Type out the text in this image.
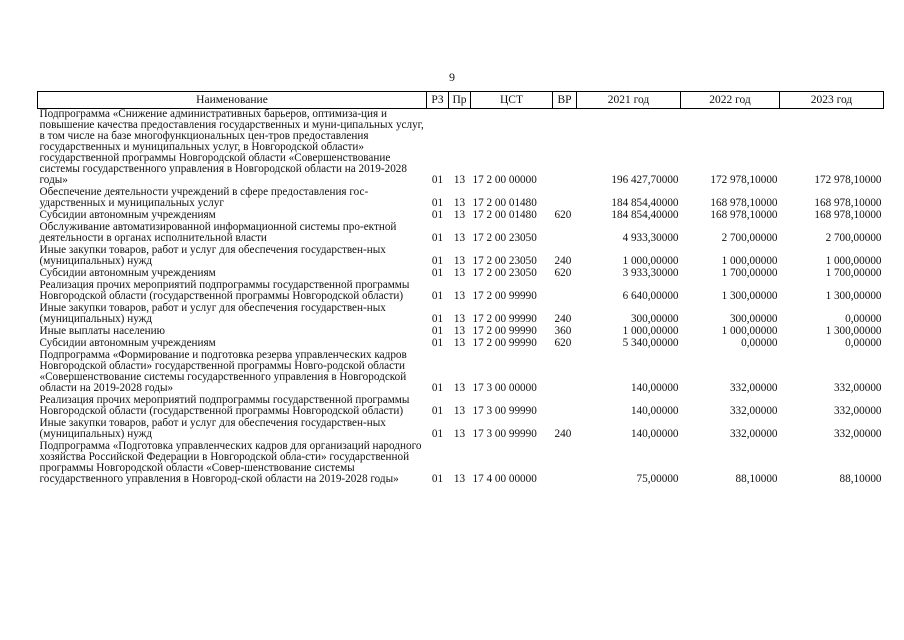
9
Наименование	РЗ	Пр	ЦСТ	ВР	2021 год	2022 год	2023 год
Подпрограмма «Снижение административных барьеров, оптимиза-ция и повышение качества предоставления государственных и муни-ципальных услуг, в том числе на базе многофункциональных цен-тров предоставления государственных и муниципальных услуг, в Новгородской области» государственной программы Новгородской области «Совершенствование системы государственного управления в Новгородской области на 2019-2028 годы»	01	13	17 2 00 00000		196 427,70000	172 978,10000	172 978,10000
Обеспечение деятельности учреждений в сфере предоставления гос-ударственных и муниципальных услуг	01	13	17 2 00 01480		184 854,40000	168 978,10000	168 978,10000
Субсидии автономным учреждениям	01	13	17 2 00 01480	620	184 854,40000	168 978,10000	168 978,10000
Обслуживание автоматизированной информационной системы про-ектной деятельности в органах исполнительной власти	01	13	17 2 00 23050		4 933,30000	2 700,00000	2 700,00000
Иные закупки товаров, работ и услуг для обеспечения государствен-ных (муниципальных) нужд	01	13	17 2 00 23050	240	1 000,00000	1 000,00000	1 000,00000
Субсидии автономным учреждениям	01	13	17 2 00 23050	620	3 933,30000	1 700,00000	1 700,00000
Реализация прочих мероприятий подпрограммы государственной программы Новгородской области (государственной программы Новгородской области)	01	13	17 2 00 99990		6 640,00000	1 300,00000	1 300,00000
Иные закупки товаров, работ и услуг для обеспечения государствен-ных (муниципальных) нужд	01	13	17 2 00 99990	240	300,00000	300,00000	0,00000
Иные выплаты населению	01	13	17 2 00 99990	360	1 000,00000	1 000,00000	1 300,00000
Субсидии автономным учреждениям	01	13	17 2 00 99990	620	5 340,00000	0,00000	0,00000
Подпрограмма «Формирование и подготовка резерва управленческих кадров Новгородской области» государственной программы Новго-родской области «Совершенствование системы государственного управления в Новгородской области на 2019-2028 годы»	01	13	17 3 00 00000		140,00000	332,00000	332,00000
Реализация прочих мероприятий подпрограммы государственной программы Новгородской области (государственной программы Новгородской области)	01	13	17 3 00 99990		140,00000	332,00000	332,00000
Иные закупки товаров, работ и услуг для обеспечения государствен-ных (муниципальных) нужд	01	13	17 3 00 99990	240	140,00000	332,00000	332,00000
Подпрограмма «Подготовка управленческих кадров для организаций народного хозяйства Российской Федерации в Новгородской обла-сти» государственной программы Новгородской области «Совер-шенствование системы государственного управления в Новгород-ской области на 2019-2028 годы»	01	13	17 4 00 00000		75,00000	88,10000	88,10000
